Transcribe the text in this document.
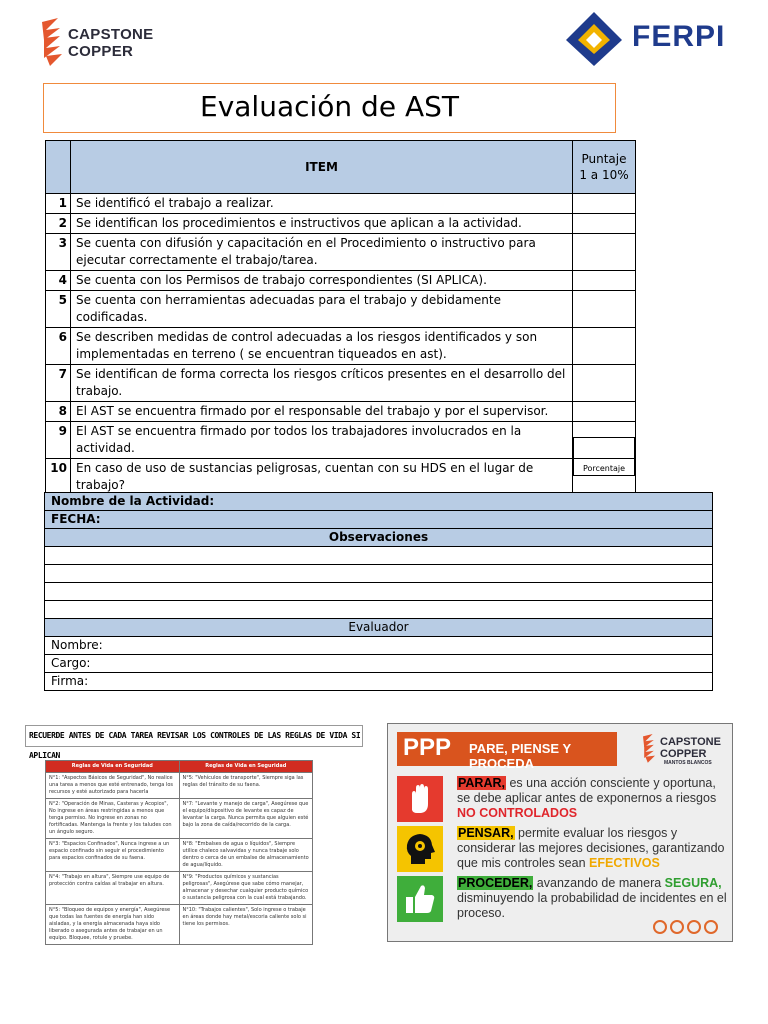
CAPSTONE
COPPER	FERPI
Evaluación de AST
	ITEM	Puntaje
1 a 10%

1	Se identificó el trabajo a realizar.	
2	Se identifican los procedimientos e instructivos que aplican a la actividad.	
3	Se cuenta con difusión y capacitación en el Procedimiento o instructivo para ejecutar correctamente el trabajo/tarea.	
4	Se cuenta con los Permisos de trabajo correspondientes (SI APLICA).	
5	Se cuenta con herramientas adecuadas para el trabajo y debidamente codificadas.	
6	Se describen medidas de control adecuadas a los riesgos identificados y son implementadas en terreno ( se encuentran tiqueados en ast).	
7	Se identifican de forma correcta los riesgos críticos presentes en el desarrollo del trabajo.	
8	El AST se encuentra firmado por el responsable del trabajo y por el supervisor.	
9	El AST se encuentra firmado por todos los trabajadores involucrados en la actividad.	
10	En caso de uso de sustancias peligrosas, cuentan con su HDS en el lugar de trabajo?	
Porcentaje
Nombre de la Actividad:
FECHA:
Observaciones

Evaluador
Nombre:
Cargo:
Firma:
RECUERDE ANTES DE CADA TAREA REVISAR LOS CONTROLES DE LAS REGLAS DE VIDA SI APLICAN
Reglas de Vida en Seguridad	Reglas de Vida en Seguridad
N°1: "Aspectos Básicos de Seguridad", No realice una tarea a menos que esté entrenado, tenga los recursos y esté autorizado para hacerla	N°5: "Vehículos de transporte", Siempre siga las reglas del tránsito de su faena.
N°2: "Operación de Minas, Casteras y Acopios", No ingrese en áreas restringidas a menos que tenga permiso. No ingrese en zonas no fortificadas. Mantenga la frente y los taludes con un ángulo seguro.	N°7: "Levante y manejo de carga", Asegúrese que el equipo/dispositivo de levante es capaz de levantar la carga. Nunca permita que alguien esté bajo la zona de caída/recorrido de la carga.
N°3: "Espacios Confinados", Nunca ingrese a un espacio confinado sin seguir el procedimiento para espacios confinados de su faena.	N°8: "Embalses de agua o líquidos", Siempre utilice chaleco salvavidas y nunca trabaje solo dentro o cerca de un embalse de almacenamiento de agua/líquido.
N°4: "Trabajo en altura", Siempre use equipo de protección contra caídas al trabajar en altura.	N°9: "Productos químicos y sustancias peligrosas", Asegúrese que sabe cómo manejar, almacenar y desechar cualquier producto químico o sustancia peligrosa con la cual está trabajando.
N°5: "Bloqueo de equipos y energía", Asegúrese que todas las fuentes de energía han sido aisladas, y la energía almacenada haya sido liberado o asegurada antes de trabajar en un equipo. Bloquee, rotule y pruebe.	N°10: "Trabajos calientes", Solo ingrese o trabaje en áreas donde hay metal/escoria caliente solo si tiene los permisos.
PPP PARE, PIENSE Y PROCEDA
CAPSTONE
COPPER
MANTOS BLANCOS
PARAR, es una acción consciente y oportuna, se debe aplicar antes de exponernos a riesgos NO CONTROLADOS
PENSAR, permite evaluar los riesgos y considerar las mejores decisiones, garantizando que mis controles sean EFECTIVOS
PROCEDER, avanzando de manera SEGURA, disminuyendo la probabilidad de incidentes en el proceso.
